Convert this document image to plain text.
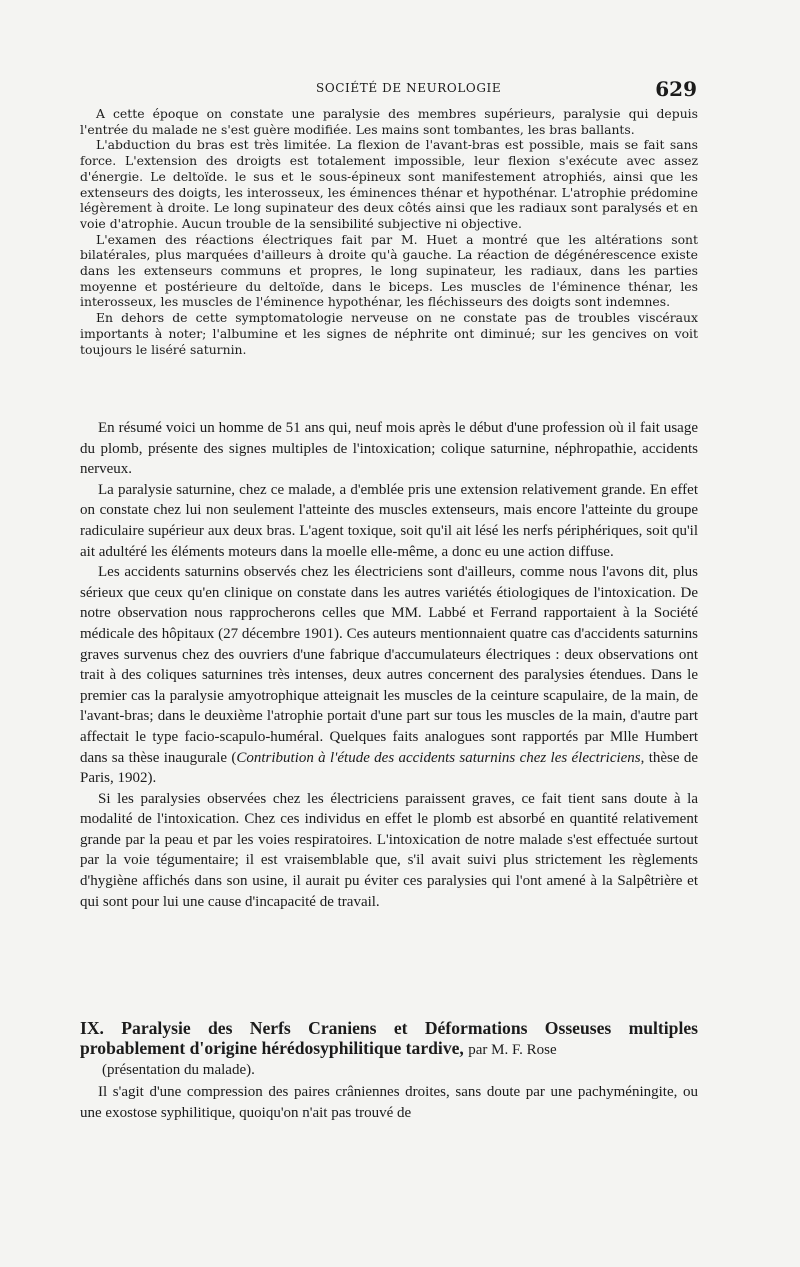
SOCIÉTÉ DE NEUROLOGIE	629

A cette époque on constate une paralysie des membres supérieurs, paralysie qui depuis l'entrée du malade ne s'est guère modifiée. Les mains sont tombantes, les bras ballants.

L'abduction du bras est très limitée. La flexion de l'avant-bras est possible, mais se fait sans force. L'extension des droigts est totalement impossible, leur flexion s'exécute avec assez d'énergie. Le deltoïde. le sus et le sous-épineux sont manifestement atrophiés, ainsi que les extenseurs des doigts, les interosseux, les éminences thénar et hypothénar. L'atrophie prédomine légèrement à droite. Le long supinateur des deux côtés ainsi que les radiaux sont paralysés et en voie d'atrophie. Aucun trouble de la sensibilité subjective ni objective.

L'examen des réactions électriques fait par M. Huet a montré que les altérations sont bilatérales, plus marquées d'ailleurs à droite qu'à gauche. La réaction de dégénérescence existe dans les extenseurs communs et propres, le long supinateur, les radiaux, dans les parties moyenne et postérieure du deltoïde, dans le biceps. Les muscles de l'éminence thénar, les interosseux, les muscles de l'éminence hypothénar, les fléchisseurs des doigts sont indemnes.

En dehors de cette symptomatologie nerveuse on ne constate pas de troubles viscéraux importants à noter; l'albumine et les signes de néphrite ont diminué; sur les gencives on voit toujours le liséré saturnin.

En résumé voici un homme de 51 ans qui, neuf mois après le début d'une profession où il fait usage du plomb, présente des signes multiples de l'intoxication; colique saturnine, néphropathie, accidents nerveux.

La paralysie saturnine, chez ce malade, a d'emblée pris une extension relativement grande. En effet on constate chez lui non seulement l'atteinte des muscles extenseurs, mais encore l'atteinte du groupe radiculaire supérieur aux deux bras. L'agent toxique, soit qu'il ait lésé les nerfs périphériques, soit qu'il ait adultéré les éléments moteurs dans la moelle elle-même, a donc eu une action diffuse.

Les accidents saturnins observés chez les électriciens sont d'ailleurs, comme nous l'avons dit, plus sérieux que ceux qu'en clinique on constate dans les autres variétés étiologiques de l'intoxication. De notre observation nous rapprocherons celles que MM. Labbé et Ferrand rapportaient à la Société médicale des hôpitaux (27 décembre 1901). Ces auteurs mentionnaient quatre cas d'accidents saturnins graves survenus chez des ouvriers d'une fabrique d'accumulateurs électriques : deux observations ont trait à des coliques saturnines très intenses, deux autres concernent des paralysies étendues. Dans le premier cas la paralysie amyotrophique atteignait les muscles de la ceinture scapulaire, de la main, de l'avant-bras; dans le deuxième l'atrophie portait d'une part sur tous les muscles de la main, d'autre part affectait le type facio-scapulo-huméral. Quelques faits analogues sont rapportés par Mlle Humbert dans sa thèse inaugurale (Contribution à l'étude des accidents saturnins chez les électriciens, thèse de Paris, 1902).

Si les paralysies observées chez les électriciens paraissent graves, ce fait tient sans doute à la modalité de l'intoxication. Chez ces individus en effet le plomb est absorbé en quantité relativement grande par la peau et par les voies respiratoires. L'intoxication de notre malade s'est effectuée surtout par la voie tégumentaire; il est vraisemblable que, s'il avait suivi plus strictement les règlements d'hygiène affichés dans son usine, il aurait pu éviter ces paralysies qui l'ont amené à la Salpêtrière et qui sont pour lui une cause d'incapacité de travail.

IX. Paralysie des Nerfs Craniens et Déformations Osseuses multiples probablement d'origine hérédosyphilitique tardive, par M. F. Rose
(présentation du malade).

Il s'agit d'une compression des paires crâniennes droites, sans doute par une pachyméningite, ou une exostose syphilitique, quoiqu'on n'ait pas trouvé de
